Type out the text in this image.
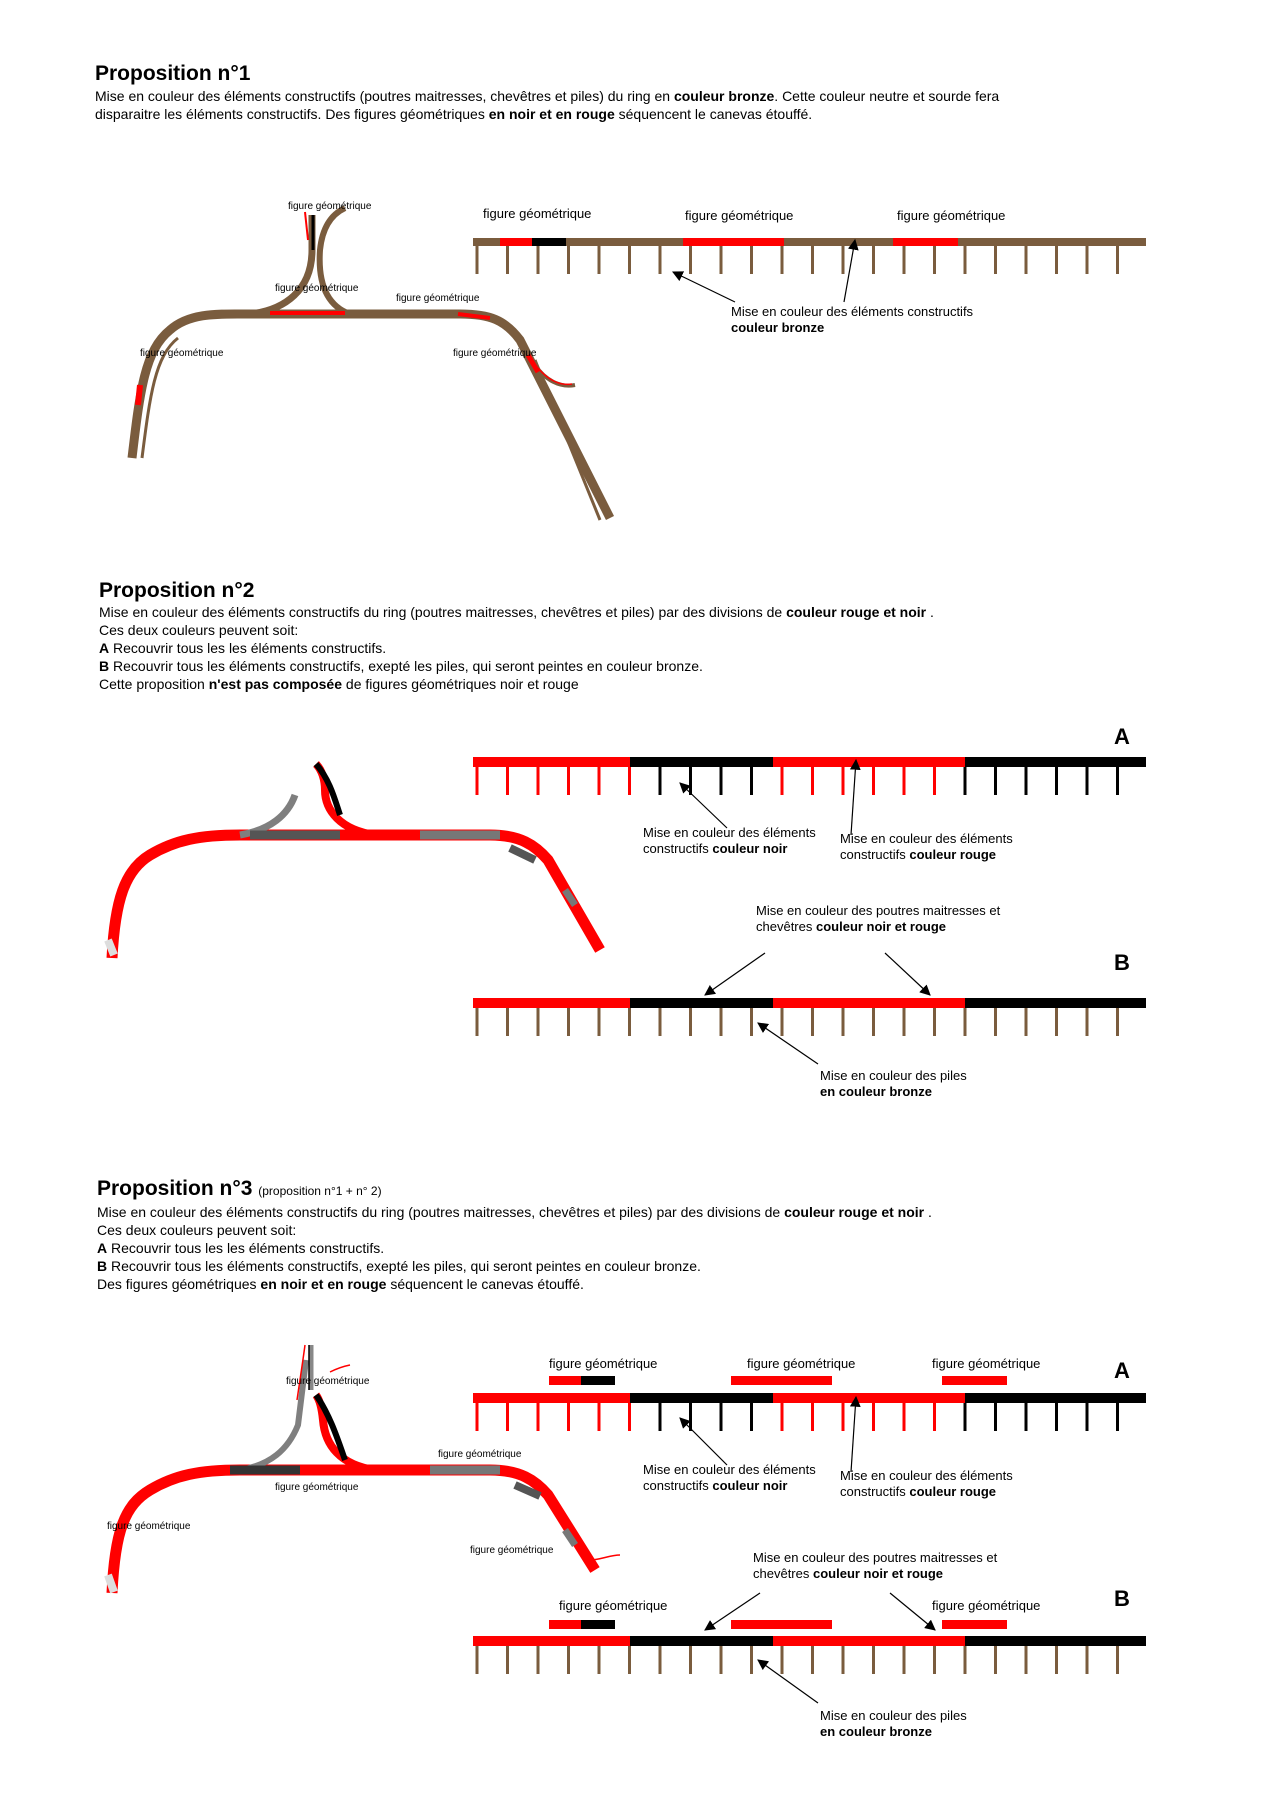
Proposition n°1

Mise en couleur des éléments constructifs (poutres maitresses, chevêtres et piles) du ring en couleur bronze. Cette couleur neutre et sourde fera

disparaitre les éléments constructifs. Des figures géométriques en noir et en rouge séquencent le canevas étouffé.

figure géométrique
figure géométrique
figure géométrique
figure géométrique	figure géométrique
figure géométrique	figure géométrique	figure géométrique
Mise en couleur des éléments constructifs
couleur bronze
A
Mise en couleur des éléments
constructifs couleur noir
Mise en couleur des éléments
constructifs couleur rouge
Mise en couleur des poutres maitresses et
chevêtres couleur noir et rouge
B
Mise en couleur des piles
en couleur bronze
figure géométrique
figure géométrique
figure géométrique
figure géométrique
figure géométrique
figure géométrique	figure géométrique	figure géométrique	A
Mise en couleur des éléments
constructifs couleur noir
Mise en couleur des éléments
constructifs couleur rouge
Mise en couleur des poutres maitresses et
chevêtres couleur noir et rouge
figure géométrique	figure géométrique	B
Mise en couleur des piles
en couleur bronze
Proposition n°2

Mise en couleur des éléments constructifs du ring (poutres maitresses, chevêtres et piles) par des divisions de couleur rouge et noir .

Ces deux couleurs peuvent soit:

A Recouvrir tous les les éléments constructifs.

B Recouvrir tous les éléments constructifs, exepté les piles, qui seront peintes en couleur bronze.

Cette proposition n'est pas composée de figures géométriques noir et rouge

Proposition n°3 (proposition n°1 + n° 2)

Mise en couleur des éléments constructifs du ring (poutres maitresses, chevêtres et piles) par des divisions de couleur rouge et noir .

Ces deux couleurs peuvent soit:

A Recouvrir tous les les éléments constructifs.

B Recouvrir tous les éléments constructifs, exepté les piles, qui seront peintes en couleur bronze.

Des figures géométriques en noir et en rouge séquencent le canevas étouffé.
